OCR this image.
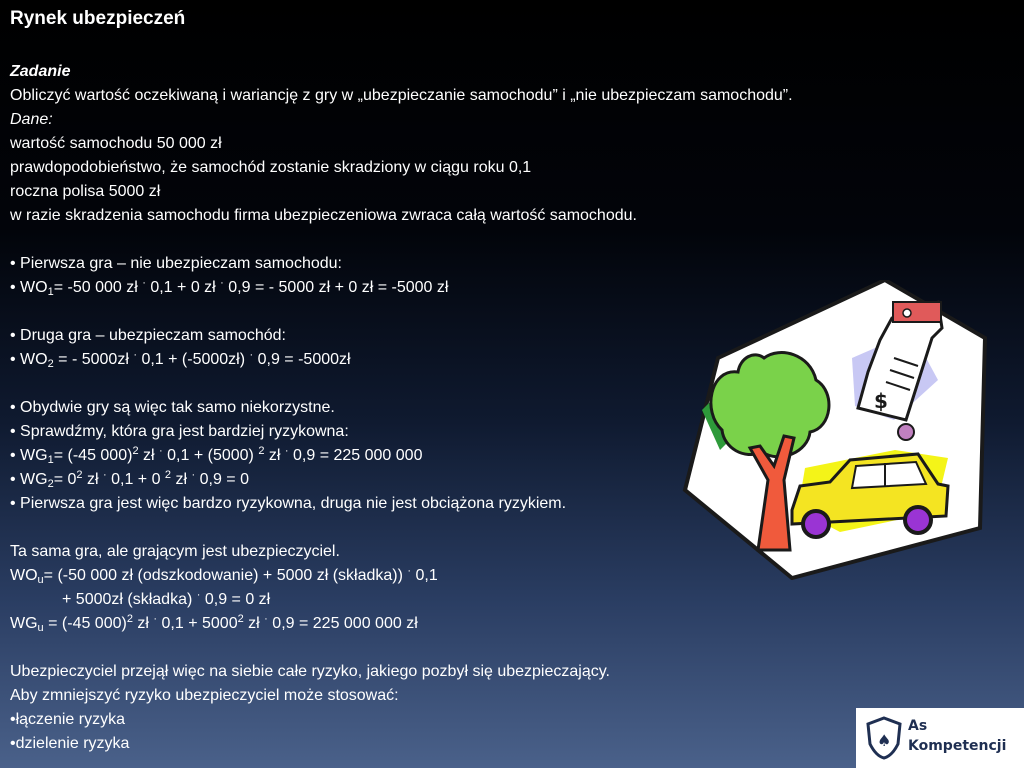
Rynek ubezpieczeń
Zadanie
Obliczyć wartość oczekiwaną i wariancję z gry w „ubezpieczanie samochodu” i „nie ubezpieczam samochodu”.
Dane:
wartość samochodu 50 000 zł
prawdopodobieństwo, że samochód zostanie skradziony w ciągu roku 0,1
roczna polisa 5000 zł
w razie skradzenia samochodu firma ubezpieczeniowa zwraca całą wartość samochodu.
• Pierwsza gra – nie ubezpieczam samochodu:
• $WO_1= -50$ 000 zł · 0,1 + 0 zł · 0,9 = - 5000 zł + 0 zł = -5000 zł
• Druga gra – ubezpieczam samochód:
• $WO_2$ = - 5000zł · 0,1 + (-5000zł) · 0,9 = -5000zł
• Obydwie gry są więc tak samo niekorzystne.
• Sprawdźmy, która gra jest bardziej ryzykowna:
• $WG_1= (-45$ 000)$^2$ zł · 0,1 + (5000) $^2$ zł · 0,9 = 225 000 000
• $WG_2= 0^2$ zł · 0,1 + 0 $^2$ zł · 0,9 = 0
• Pierwsza gra jest więc bardzo ryzykowna, druga nie jest obciążona ryzykiem.
Ta sama gra, ale grającym jest ubezpieczyciel.
$WO_u= (-50$ 000 zł (odszkodowanie) + 5000 zł (składka)) · 0,1
+ 5000zł (składka) · 0,9 = 0 zł
$WG_u = (-45$ 000)$^2$ zł · $0,1 + 5000^2$ zł · 0,9 = 225 000 000 zł
Ubezpieczyciel przejął więc na siebie całe ryzyko, jakiego pozbył się ubezpieczający.
Aby zmniejszyć ryzyko ubezpieczyciel może stosować:
•łączenie ryzyka
•dzielenie ryzyka
$
♠
As
Kompetencji
